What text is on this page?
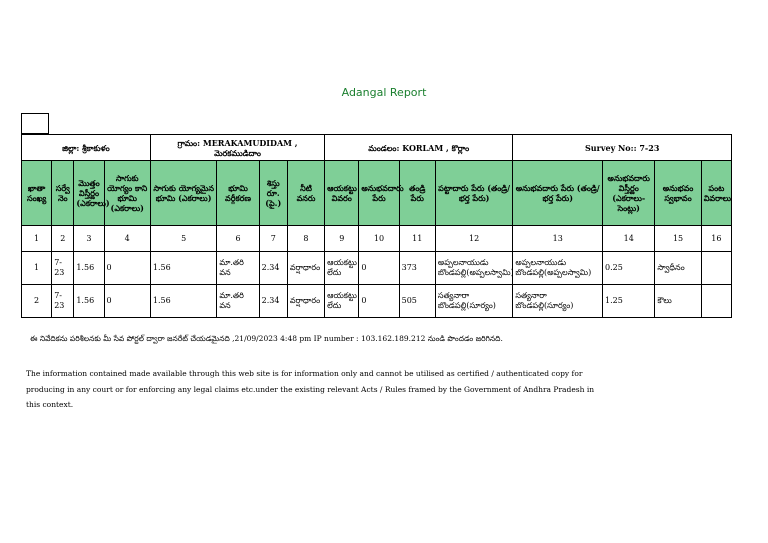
Adangal Report
జిల్లా: శ్రీకాకుళం				గ్రామం: MERAKAMUDIDAM , మెరకముడిదాం				మండలం: KORLAM , కొర్లాం				Survey No:: 7-23			
ఖాతా సంఖ్య	సర్వే నెం	మొత్తం విస్తీర్ణం (ఎకరాలు)	సాగుకు యోగ్యం కాని భూమి (ఎకరాలు)	సాగుకు యోగ్యమైన భూమి (ఎకరాలు)	భూమి వర్గీకరణ	శిస్తు రూ.(పై.)	నీటి వనరు	ఆయకట్టు వివరం	అనుభవదారు పేరు	తండ్రి పేరు	పట్టాదారు పేరు (తండ్రి/భర్త పేరు)	అనుభవదారు పేరు (తండ్రి/భర్త పేరు)	అనుభవదారు విస్తీర్ణం (ఎకరాలు-సెంట్లు)	అనుభవం స్వభావం	పంట వివరాలు
1	2	3	4	5	6	7	8	9	10	11	12	13	14	15	16
1	7-23	1.56	0	1.56	మా.తరి వన	2.34	వర్షాధారం	ఆయకట్టు లేదు	0	373	అప్పలనాయుడు బొండపల్లి(అప్పలస్వామి)	అప్పలనాయుడు బొండపల్లి(అప్పలస్వామి)	0.25	స్వాధీనం	
2	7-23	1.56	0	1.56	మా.తరి వన	2.34	వర్షాధారం	ఆయకట్టు లేదు	0	505	సత్యనారా బొండపల్లి(సూర్యం)	సత్యనారా బొండపల్లి(సూర్యం)	1.25	కౌలు	
ఈ నివేదికను పరిశీలనకు మీ సేవ పోర్టల్ ద్వారా జనరేట్ చేయడమైనది ,21/09/2023 4:48 pm IP number : 103.162.189.212 నుండి పొందడం జరిగినది.
The information contained made available through this web site is for information only and cannot be utilised as certified / authenticated copy for producing in any court or for enforcing any legal claims etc.under the existing relevant Acts / Rules framed by the Government of Andhra Pradesh in this context.
